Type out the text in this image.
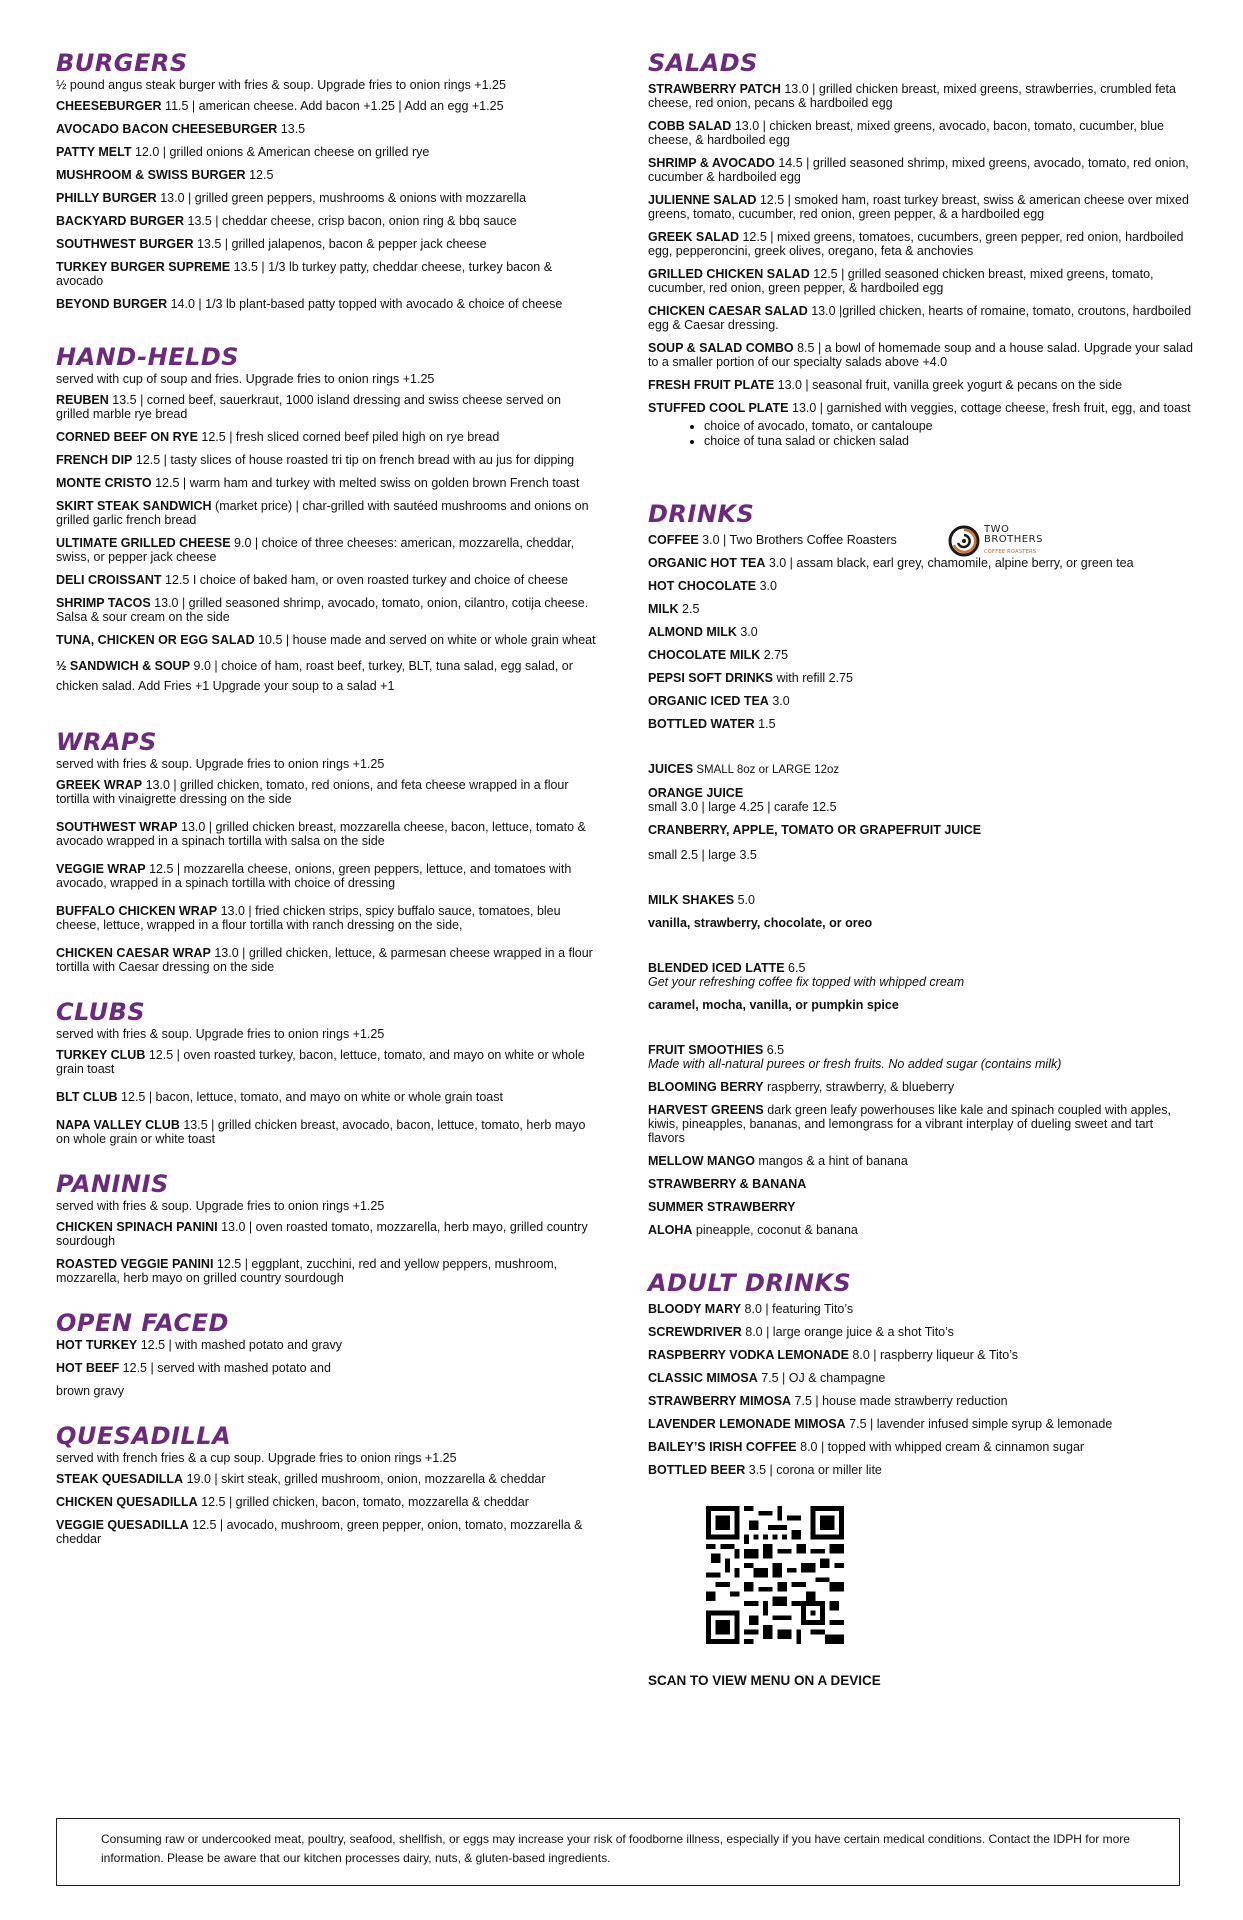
BURGERS

½ pound angus steak burger with fries & soup. Upgrade fries to onion rings +1.25

CHEESEBURGER 11.5 | american cheese. Add bacon +1.25 | Add an egg +1.25

AVOCADO BACON CHEESEBURGER 13.5

PATTY MELT 12.0 | grilled onions & American cheese on grilled rye

MUSHROOM & SWISS BURGER 12.5

PHILLY BURGER 13.0 | grilled green peppers, mushrooms & onions with mozzarella

BACKYARD BURGER 13.5 | cheddar cheese, crisp bacon, onion ring & bbq sauce

SOUTHWEST BURGER 13.5 | grilled jalapenos, bacon & pepper jack cheese

TURKEY BURGER SUPREME 13.5 | 1/3 lb turkey patty, cheddar cheese, turkey bacon & avocado

BEYOND BURGER 14.0 | 1/3 lb plant-based patty topped with avocado & choice of cheese

HAND-HELDS

served with cup of soup and fries. Upgrade fries to onion rings +1.25

REUBEN 13.5 | corned beef, sauerkraut, 1000 island dressing and swiss cheese served on grilled marble rye bread

CORNED BEEF ON RYE 12.5 | fresh sliced corned beef piled high on rye bread

FRENCH DIP 12.5 | tasty slices of house roasted tri tip on french bread with au jus for dipping

MONTE CRISTO 12.5 | warm ham and turkey with melted swiss on golden brown French toast

SKIRT STEAK SANDWICH (market price) | char-grilled with sautéed mushrooms and onions on grilled garlic french bread

ULTIMATE GRILLED CHEESE 9.0 | choice of three cheeses: american, mozzarella, cheddar, swiss, or pepper jack cheese

DELI CROISSANT 12.5 I choice of baked ham, or oven roasted turkey and choice of cheese

SHRIMP TACOS 13.0 | grilled seasoned shrimp, avocado, tomato, onion, cilantro, cotija cheese. Salsa & sour cream on the side

TUNA, CHICKEN OR EGG SALAD 10.5 | house made and served on white or whole grain wheat

½ SANDWICH & SOUP 9.0 | choice of ham, roast beef, turkey, BLT, tuna salad, egg salad, or chicken salad. Add Fries +1 Upgrade your soup to a salad +1

WRAPS

served with fries & soup. Upgrade fries to onion rings +1.25

GREEK WRAP 13.0 | grilled chicken, tomato, red onions, and feta cheese wrapped in a flour tortilla with vinaigrette dressing on the side

SOUTHWEST WRAP 13.0 | grilled chicken breast, mozzarella cheese, bacon, lettuce, tomato & avocado wrapped in a spinach tortilla with salsa on the side

VEGGIE WRAP 12.5 | mozzarella cheese, onions, green peppers, lettuce, and tomatoes with avocado, wrapped in a spinach tortilla with choice of dressing

BUFFALO CHICKEN WRAP 13.0 | fried chicken strips, spicy buffalo sauce, tomatoes, bleu cheese, lettuce, wrapped in a flour tortilla with ranch dressing on the side,

CHICKEN CAESAR WRAP 13.0 | grilled chicken, lettuce, & parmesan cheese wrapped in a flour tortilla with Caesar dressing on the side

CLUBS

served with fries & soup. Upgrade fries to onion rings +1.25

TURKEY CLUB 12.5 | oven roasted turkey, bacon, lettuce, tomato, and mayo on white or whole grain toast

BLT CLUB 12.5 | bacon, lettuce, tomato, and mayo on white or whole grain toast

NAPA VALLEY CLUB 13.5 | grilled chicken breast, avocado, bacon, lettuce, tomato, herb mayo on whole grain or white toast

PANINIS

served with fries & soup. Upgrade fries to onion rings +1.25

CHICKEN SPINACH PANINI 13.0 | oven roasted tomato, mozzarella, herb mayo, grilled country sourdough

ROASTED VEGGIE PANINI 12.5 | eggplant, zucchini, red and yellow peppers, mushroom, mozzarella, herb mayo on grilled country sourdough

OPEN FACED

HOT TURKEY 12.5 | with mashed potato and gravy

HOT BEEF 12.5 | served with mashed potato and

brown gravy

QUESADILLA

served with french fries & a cup soup. Upgrade fries to onion rings +1.25

STEAK QUESADILLA 19.0 | skirt steak, grilled mushroom, onion, mozzarella & cheddar

CHICKEN QUESADILLA 12.5 | grilled chicken, bacon, tomato, mozzarella & cheddar

VEGGIE QUESADILLA 12.5 | avocado, mushroom, green pepper, onion, tomato, mozzarella & cheddar

SALADS

STRAWBERRY PATCH 13.0 | grilled chicken breast, mixed greens, strawberries, crumbled feta cheese, red onion, pecans & hardboiled egg

COBB SALAD 13.0 | chicken breast, mixed greens, avocado, bacon, tomato, cucumber, blue cheese, & hardboiled egg

SHRIMP & AVOCADO 14.5 | grilled seasoned shrimp, mixed greens, avocado, tomato, red onion, cucumber & hardboiled egg

JULIENNE SALAD 12.5 | smoked ham, roast turkey breast, swiss & american cheese over mixed greens, tomato, cucumber, red onion, green pepper, & a hardboiled egg

GREEK SALAD 12.5 | mixed greens, tomatoes, cucumbers, green pepper, red onion, hardboiled egg, pepperoncini, greek olives, oregano, feta & anchovies

GRILLED CHICKEN SALAD 12.5 | grilled seasoned chicken breast, mixed greens, tomato, cucumber, red onion, green pepper, & hardboiled egg

CHICKEN CAESAR SALAD 13.0 |grilled chicken, hearts of romaine, tomato, croutons, hardboiled egg & Caesar dressing.

SOUP & SALAD COMBO 8.5 | a bowl of homemade soup and a house salad. Upgrade your salad to a smaller portion of our specialty salads above +4.0

FRESH FRUIT PLATE 13.0 | seasonal fruit, vanilla greek yogurt & pecans on the side

STUFFED COOL PLATE 13.0 | garnished with veggies, cottage cheese, fresh fruit, egg, and toast

• choice of avocado, tomato, or cantaloupe
• choice of tuna salad or chicken salad
DRINKS

COFFEE 3.0 | Two Brothers Coffee Roasters

TWO
BROTHERS
COFFEE ROASTERS

ORGANIC HOT TEA 3.0 | assam black, earl grey, chamomile, alpine berry, or green tea

HOT CHOCOLATE 3.0

MILK 2.5

ALMOND MILK 3.0

CHOCOLATE MILK 2.75

PEPSI SOFT DRINKS with refill 2.75

ORGANIC ICED TEA 3.0

BOTTLED WATER 1.5

JUICES SMALL 8oz or LARGE 12oz

ORANGE JUICE

small 3.0 | large 4.25 | carafe 12.5

CRANBERRY, APPLE, TOMATO OR GRAPEFRUIT JUICE

small 2.5 | large 3.5

MILK SHAKES 5.0

vanilla, strawberry, chocolate, or oreo

BLENDED ICED LATTE 6.5

Get your refreshing coffee fix topped with whipped cream

caramel, mocha, vanilla, or pumpkin spice

FRUIT SMOOTHIES 6.5

Made with all-natural purees or fresh fruits. No added sugar (contains milk)

BLOOMING BERRY raspberry, strawberry, & blueberry

HARVEST GREENS dark green leafy powerhouses like kale and spinach coupled with apples, kiwis, pineapples, bananas, and lemongrass for a vibrant interplay of dueling sweet and tart flavors

MELLOW MANGO mangos & a hint of banana

STRAWBERRY & BANANA

SUMMER STRAWBERRY

ALOHA pineapple, coconut & banana

ADULT DRINKS

BLOODY MARY 8.0 | featuring Tito’s

SCREWDRIVER 8.0 | large orange juice & a shot Tito’s

RASPBERRY VODKA LEMONADE 8.0 | raspberry liqueur & Tito’s

CLASSIC MIMOSA 7.5 | OJ & champagne

STRAWBERRY MIMOSA 7.5 | house made strawberry reduction

LAVENDER LEMONADE MIMOSA 7.5 | lavender infused simple syrup & lemonade

BAILEY’S IRISH COFFEE 8.0 | topped with whipped cream & cinnamon sugar

BOTTLED BEER 3.5 | corona or miller lite

SCAN TO VIEW MENU ON A DEVICE

Consuming raw or undercooked meat, poultry, seafood, shellfish, or eggs may increase your risk of foodborne illness, especially if you have certain medical conditions. Contact the IDPH for more information. Please be aware that our kitchen processes dairy, nuts, & gluten-based ingredients.
